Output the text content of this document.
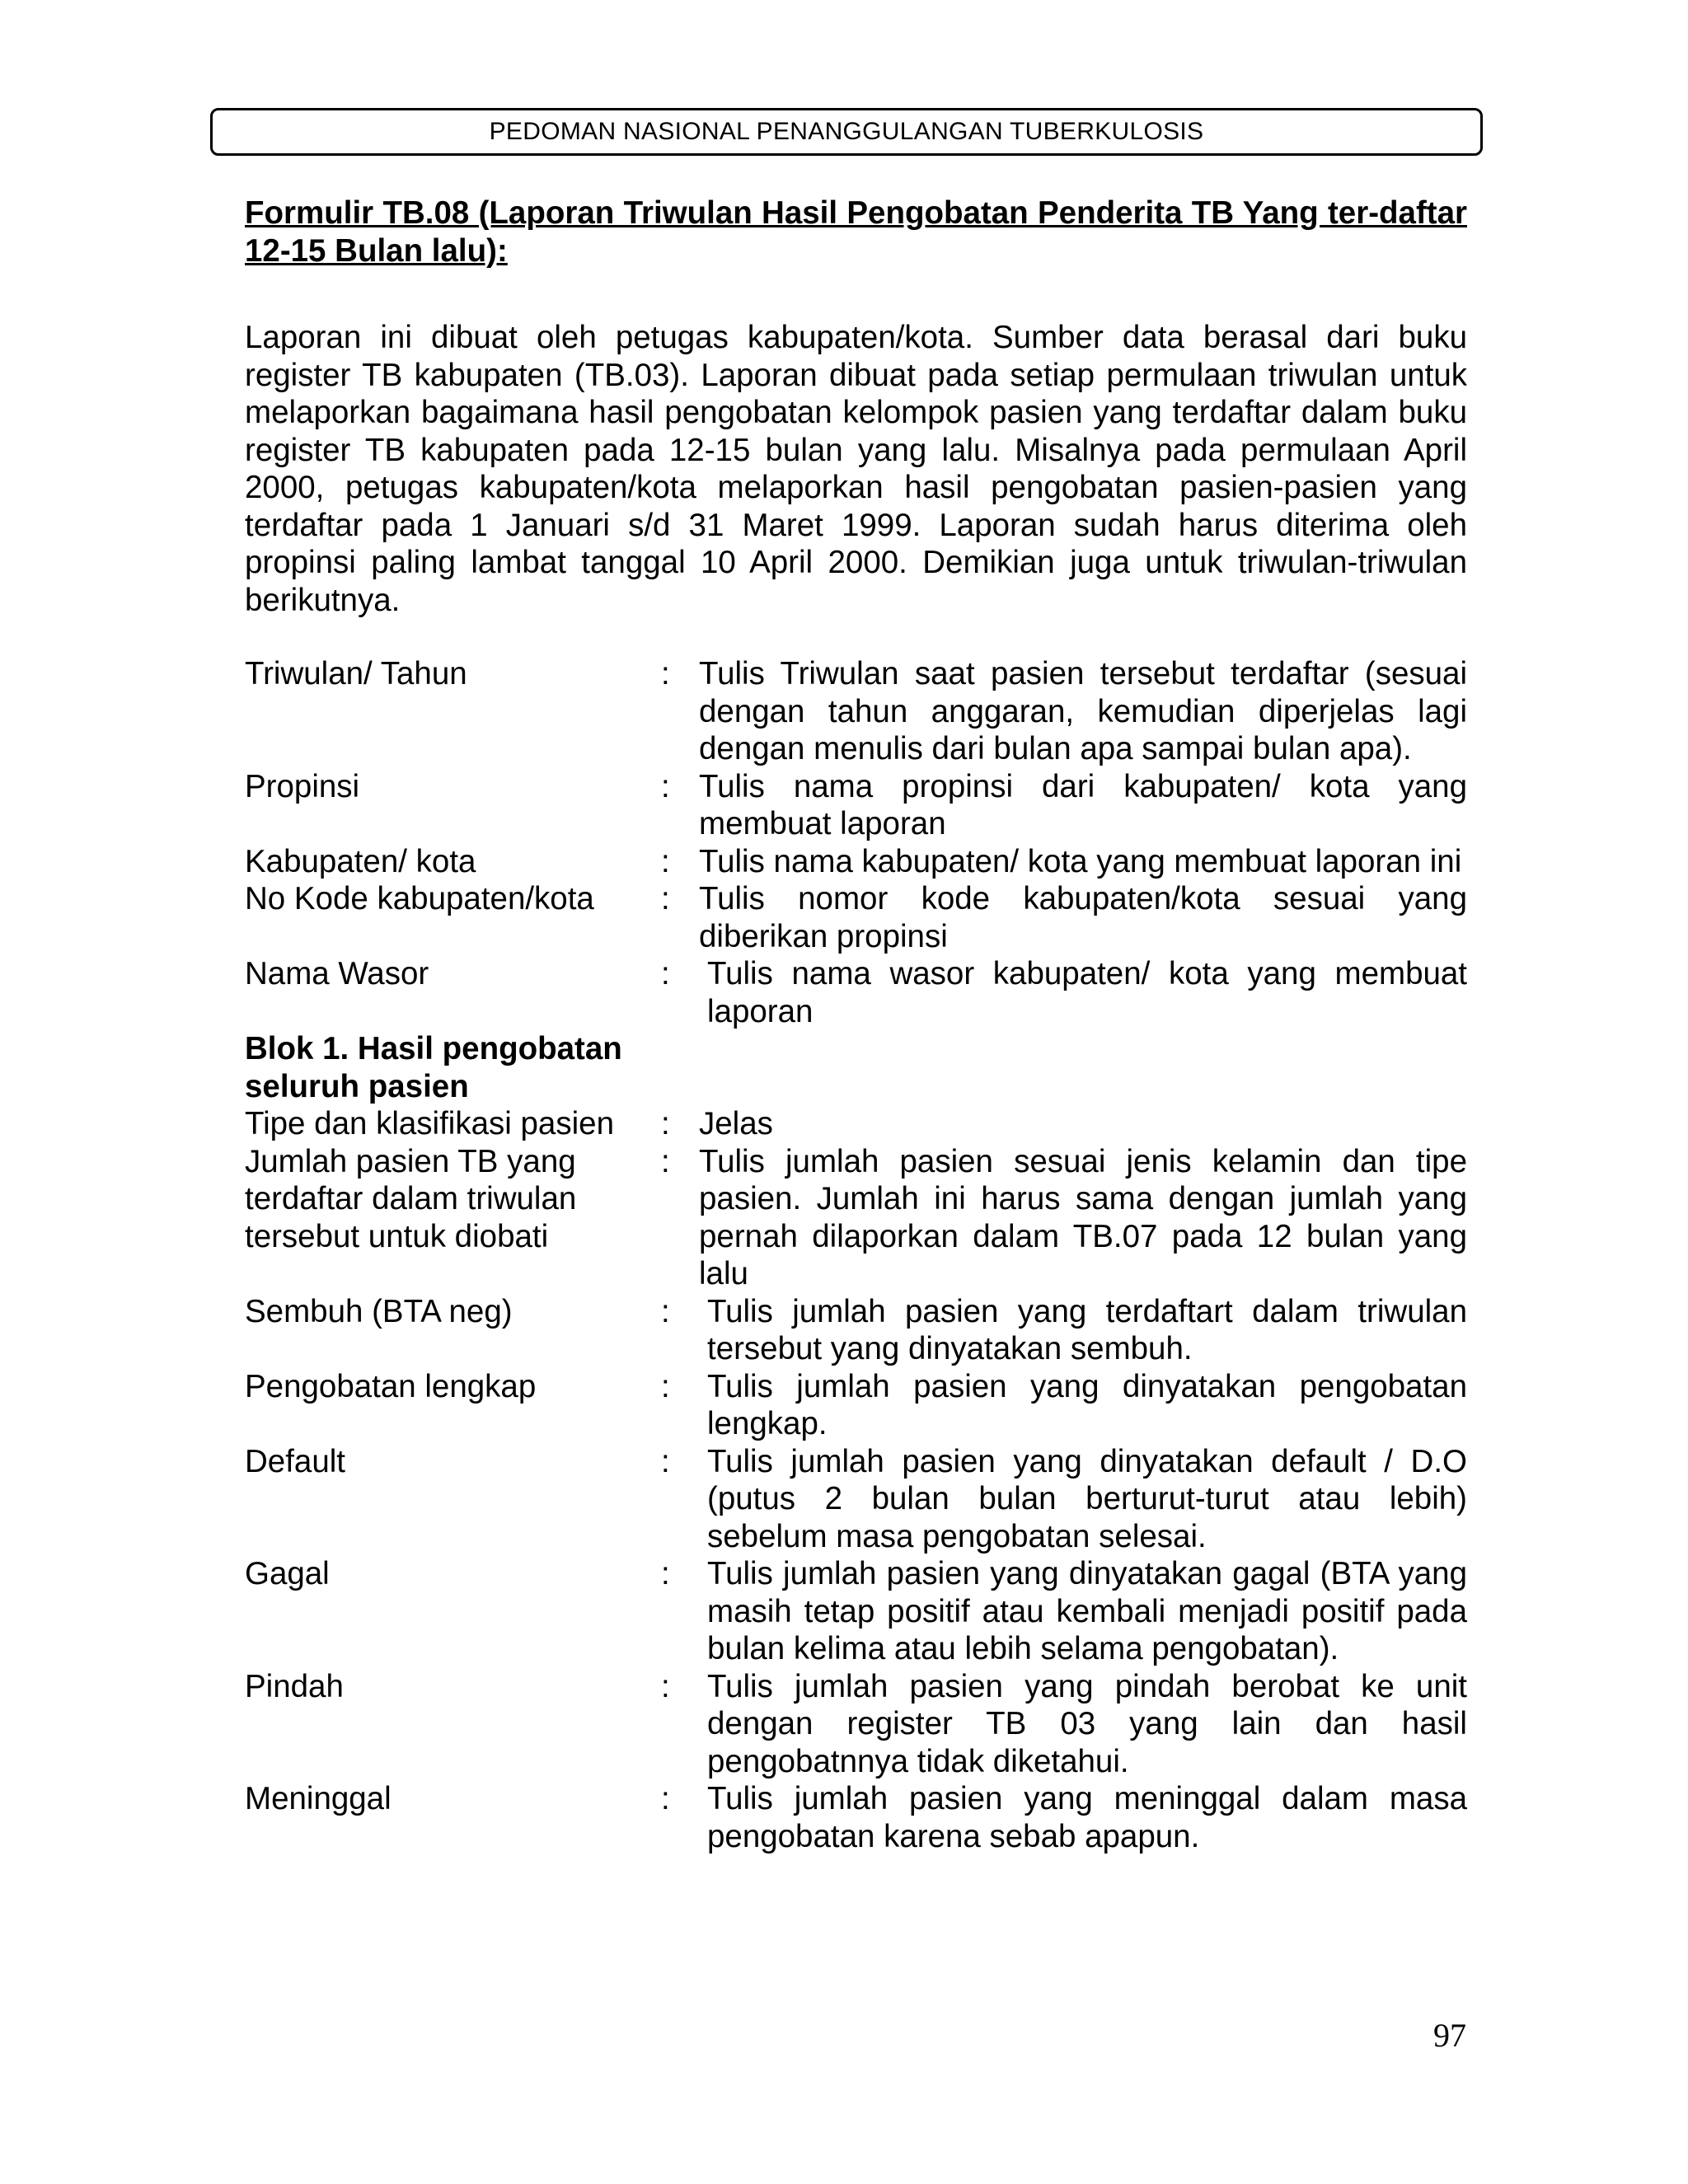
PEDOMAN NASIONAL PENANGGULANGAN TUBERKULOSIS

Formulir TB.08 (Laporan Triwulan Hasil Pengobatan Penderita TB Yang ter-daftar 12-15 Bulan lalu):

Laporan ini dibuat oleh petugas kabupaten/kota. Sumber data berasal dari buku register TB kabupaten (TB.03). Laporan dibuat pada setiap permulaan triwulan untuk melaporkan bagaimana hasil pengobatan kelompok pasien yang terdaftar dalam buku register TB kabupaten pada 12-15 bulan yang lalu. Misalnya pada permulaan April 2000, petugas kabupaten/kota melaporkan hasil pengobatan pasien-pasien yang terdaftar pada 1 Januari s/d 31 Maret 1999. Laporan sudah harus diterima oleh propinsi paling lambat tanggal 10 April 2000. Demikian juga untuk triwulan-triwulan berikutnya.
Triwulan/ Tahun	: Tulis Triwulan saat pasien tersebut terdaftar (sesuai dengan tahun anggaran, kemudian diperjelas lagi dengan menulis dari bulan apa sampai bulan apa).
Propinsi	: Tulis nama propinsi dari kabupaten/ kota yang membuat laporan
Kabupaten/ kota	: Tulis nama kabupaten/ kota yang membuat laporan ini
No Kode kabupaten/kota	: Tulis nomor kode kabupaten/kota sesuai yang diberikan propinsi
Nama Wasor	:	Tulis nama wasor kabupaten/ kota yang membuat laporan
Blok 1. Hasil pengobatan seluruh pasien
Tipe dan klasifikasi pasien	: Jelas
Jumlah pasien TB yang terdaftar dalam triwulan tersebut untuk diobati
: Tulis jumlah pasien sesuai jenis kelamin dan tipe pasien. Jumlah ini harus sama dengan jumlah yang pernah dilaporkan dalam TB.07 pada 12 bulan yang lalu
Sembuh (BTA neg)	:	Tulis jumlah pasien yang terdaftart dalam triwulan tersebut yang dinyatakan sembuh.
Pengobatan lengkap	:	Tulis jumlah pasien yang dinyatakan pengobatan lengkap.
Default	:	Tulis jumlah pasien yang dinyatakan default / D.O (putus 2 bulan bulan berturut-turut atau lebih) sebelum masa pengobatan selesai.
Gagal	:	Tulis jumlah pasien yang dinyatakan gagal (BTA yang masih tetap positif atau kembali menjadi positif pada bulan kelima atau lebih selama pengobatan).
Pindah	:	Tulis jumlah pasien yang pindah berobat ke unit dengan register TB 03 yang lain dan hasil pengobatnnya tidak diketahui.
Meninggal	:	Tulis jumlah pasien yang meninggal dalam masa pengobatan karena sebab apapun.
97
